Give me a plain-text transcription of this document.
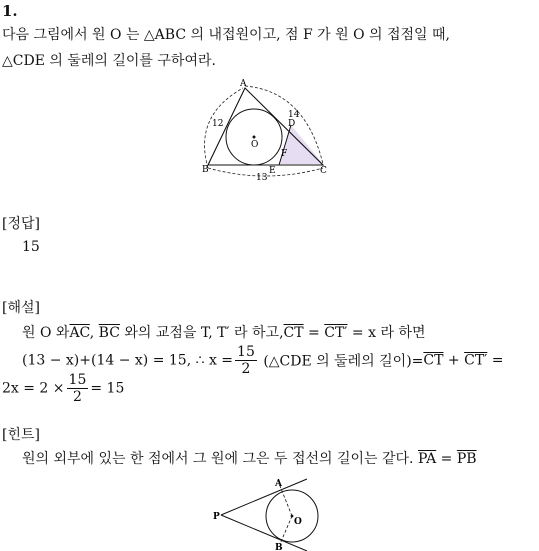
1.
다음 그림에서 원 O 는 △ABC 의 내접원이고, 점 F 가 원 O 의 접점일 때,
△CDE 의 둘레의 길이를 구하여라.
A
B	C
D
E
F
O
12
14
13
[정답]
15
[해설]
원 O 와$\overline{AC}$, $\overline{BC}$ 와의 교점을 T, T′ 라 하고$,\overline{CT} = CT' = x$ 라 하면
(13 − x)+(14 − x) = 15, ∴ $x = \frac{15}{2}$ (△CDE 의 둘레의 길이)$=\overline{CT} + CT'$ =
$2x = 2 \times \frac{15}{2} = 15$
[힌트]
원의 외부에 있는 한 점에서 그 원에 그은 두 접선의 길이는 같다. $\overline{PA} = \overline{PB}$
P
A
B
O
